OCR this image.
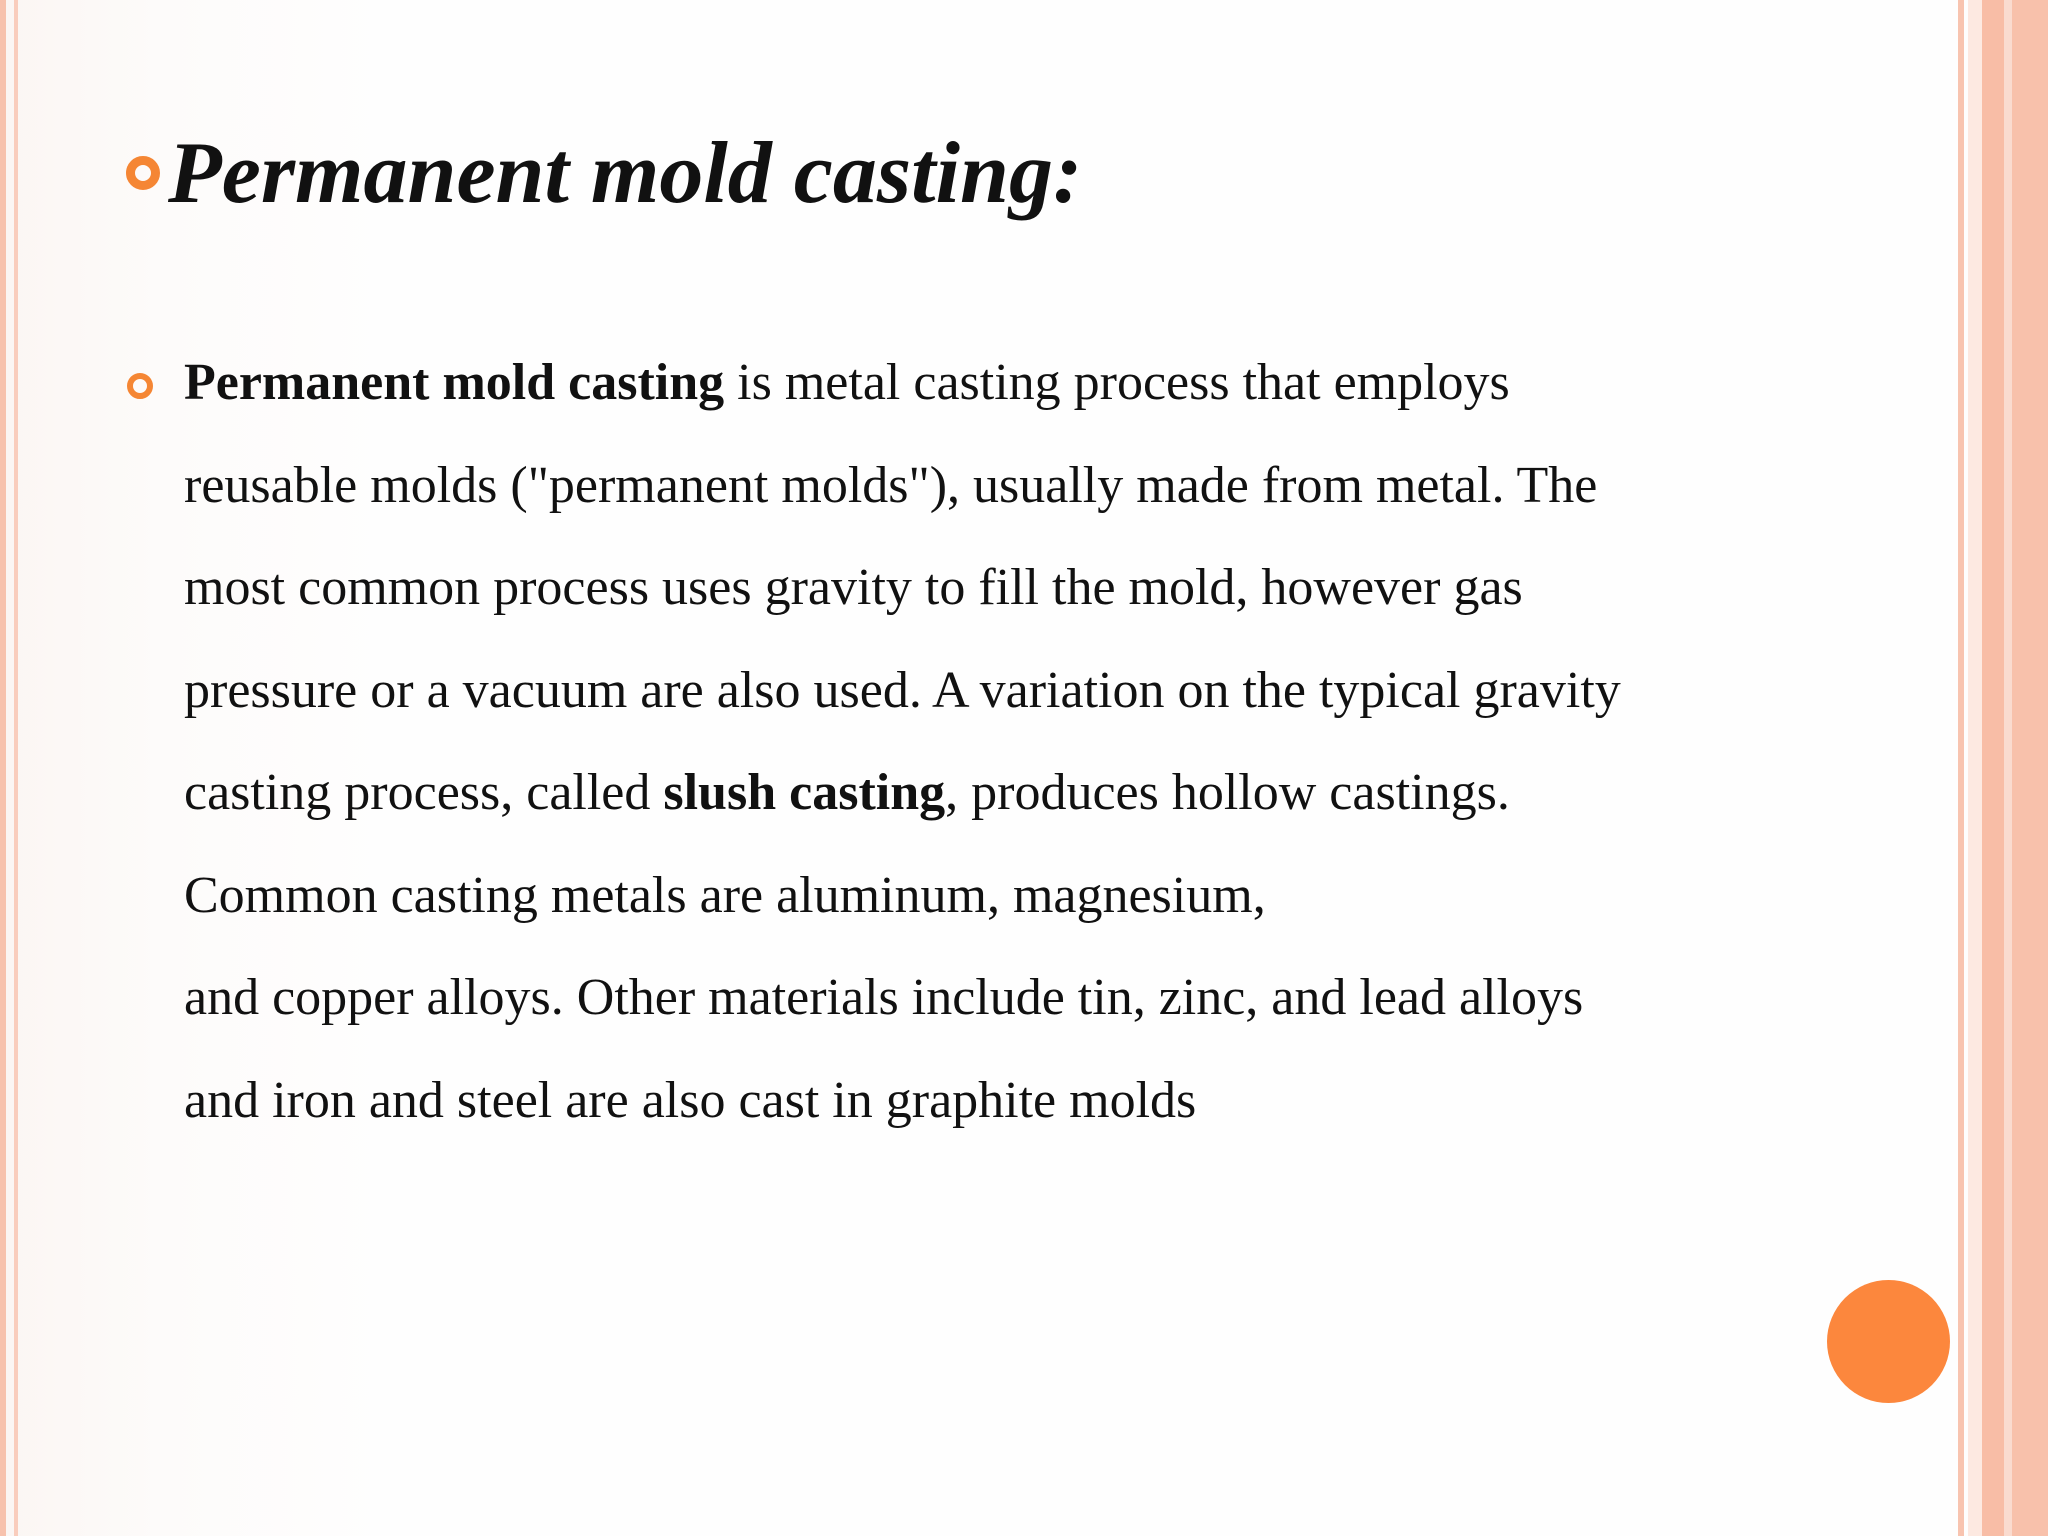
Permanent mold casting:
Permanent mold casting is metal casting process that employs
reusable molds ("permanent molds"), usually made from metal. The
most common process uses gravity to fill the mold, however gas
pressure or a vacuum are also used. A variation on the typical gravity
casting process, called slush casting, produces hollow castings.
Common casting metals are aluminum, magnesium,
and copper alloys. Other materials include tin, zinc, and lead alloys
and iron and steel are also cast in graphite molds
